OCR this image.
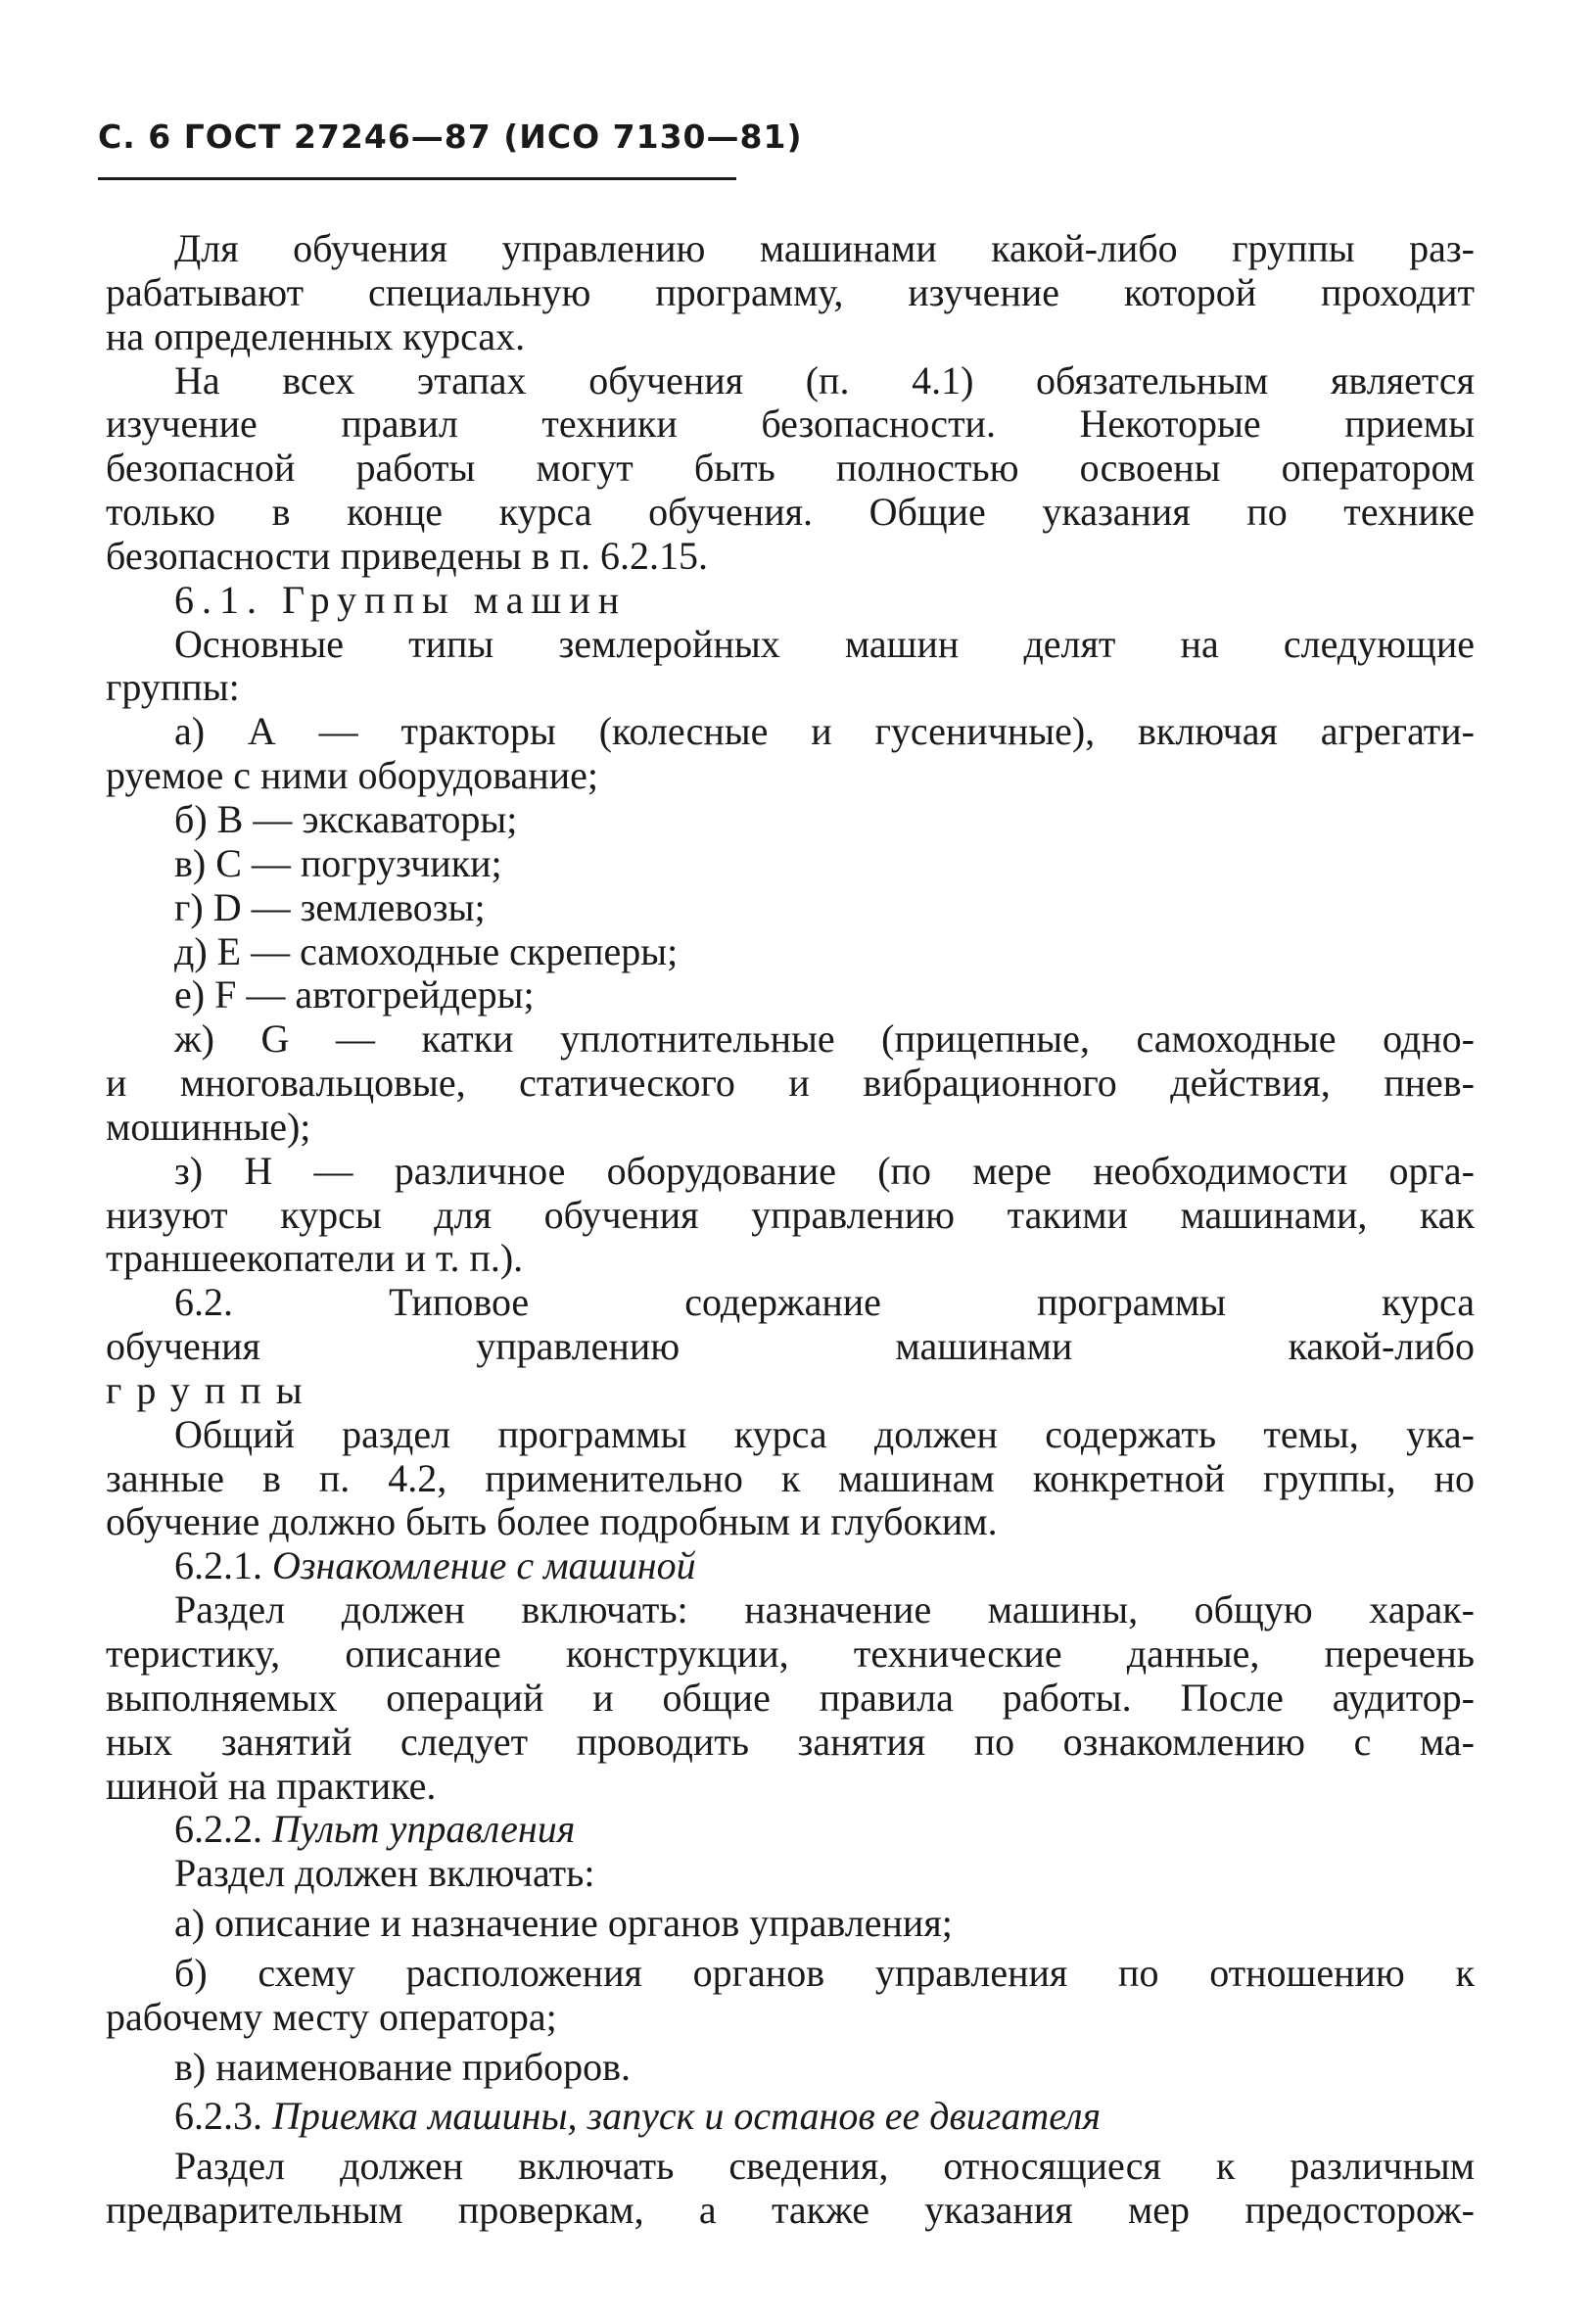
С. 6 ГОСТ 27246—87 (ИСО 7130—81)
Для обучения управлению машинами какой-либо группы раз-
рабатывают специальную программу, изучение которой проходит
на определенных курсах.
На всех этапах обучения (п. 4.1) обязательным является
изучение правил техники безопасности. Некоторые приемы
безопасной работы могут быть полностью освоены оператором
только в конце курса обучения. Общие указания по технике
безопасности приведены в п. 6.2.15.
6.1. Группы машин
Основные типы землеройных машин делят на следующие
группы:
а) А — тракторы (колесные и гусеничные), включая агрегати-
руемое с ними оборудование;
б) В — экскаваторы;
в) С — погрузчики;
г) D — землевозы;
д) Е — самоходные скреперы;
е) F — автогрейдеры;
ж) G — катки уплотнительные (прицепные, самоходные одно-
и многовальцовые, статического и вибрационного действия, пнев-
мошинные);
з) Н — различное оборудование (по мере необходимости орга-
низуют курсы для обучения управлению такими машинами, как
траншеекопатели и т. п.).
6.2. Типовое содержание программы курса
обучения управлению машинами какой-либо
группы
Общий раздел программы курса должен содержать темы, ука-
занные в п. 4.2, применительно к машинам конкретной группы, но
обучение должно быть более подробным и глубоким.
6.2.1. Ознакомление с машиной
Раздел должен включать: назначение машины, общую харак-
теристику, описание конструкции, технические данные, перечень
выполняемых операций и общие правила работы. После аудитор-
ных занятий следует проводить занятия по ознакомлению с ма-
шиной на практике.
6.2.2. Пульт управления
Раздел должен включать:
а) описание и назначение органов управления;
б) схему расположения органов управления по отношению к
рабочему месту оператора;
в) наименование приборов.
6.2.3. Приемка машины, запуск и останов ее двигателя
Раздел должен включать сведения, относящиеся к различным
предварительным проверкам, а также указания мер предосторож-
